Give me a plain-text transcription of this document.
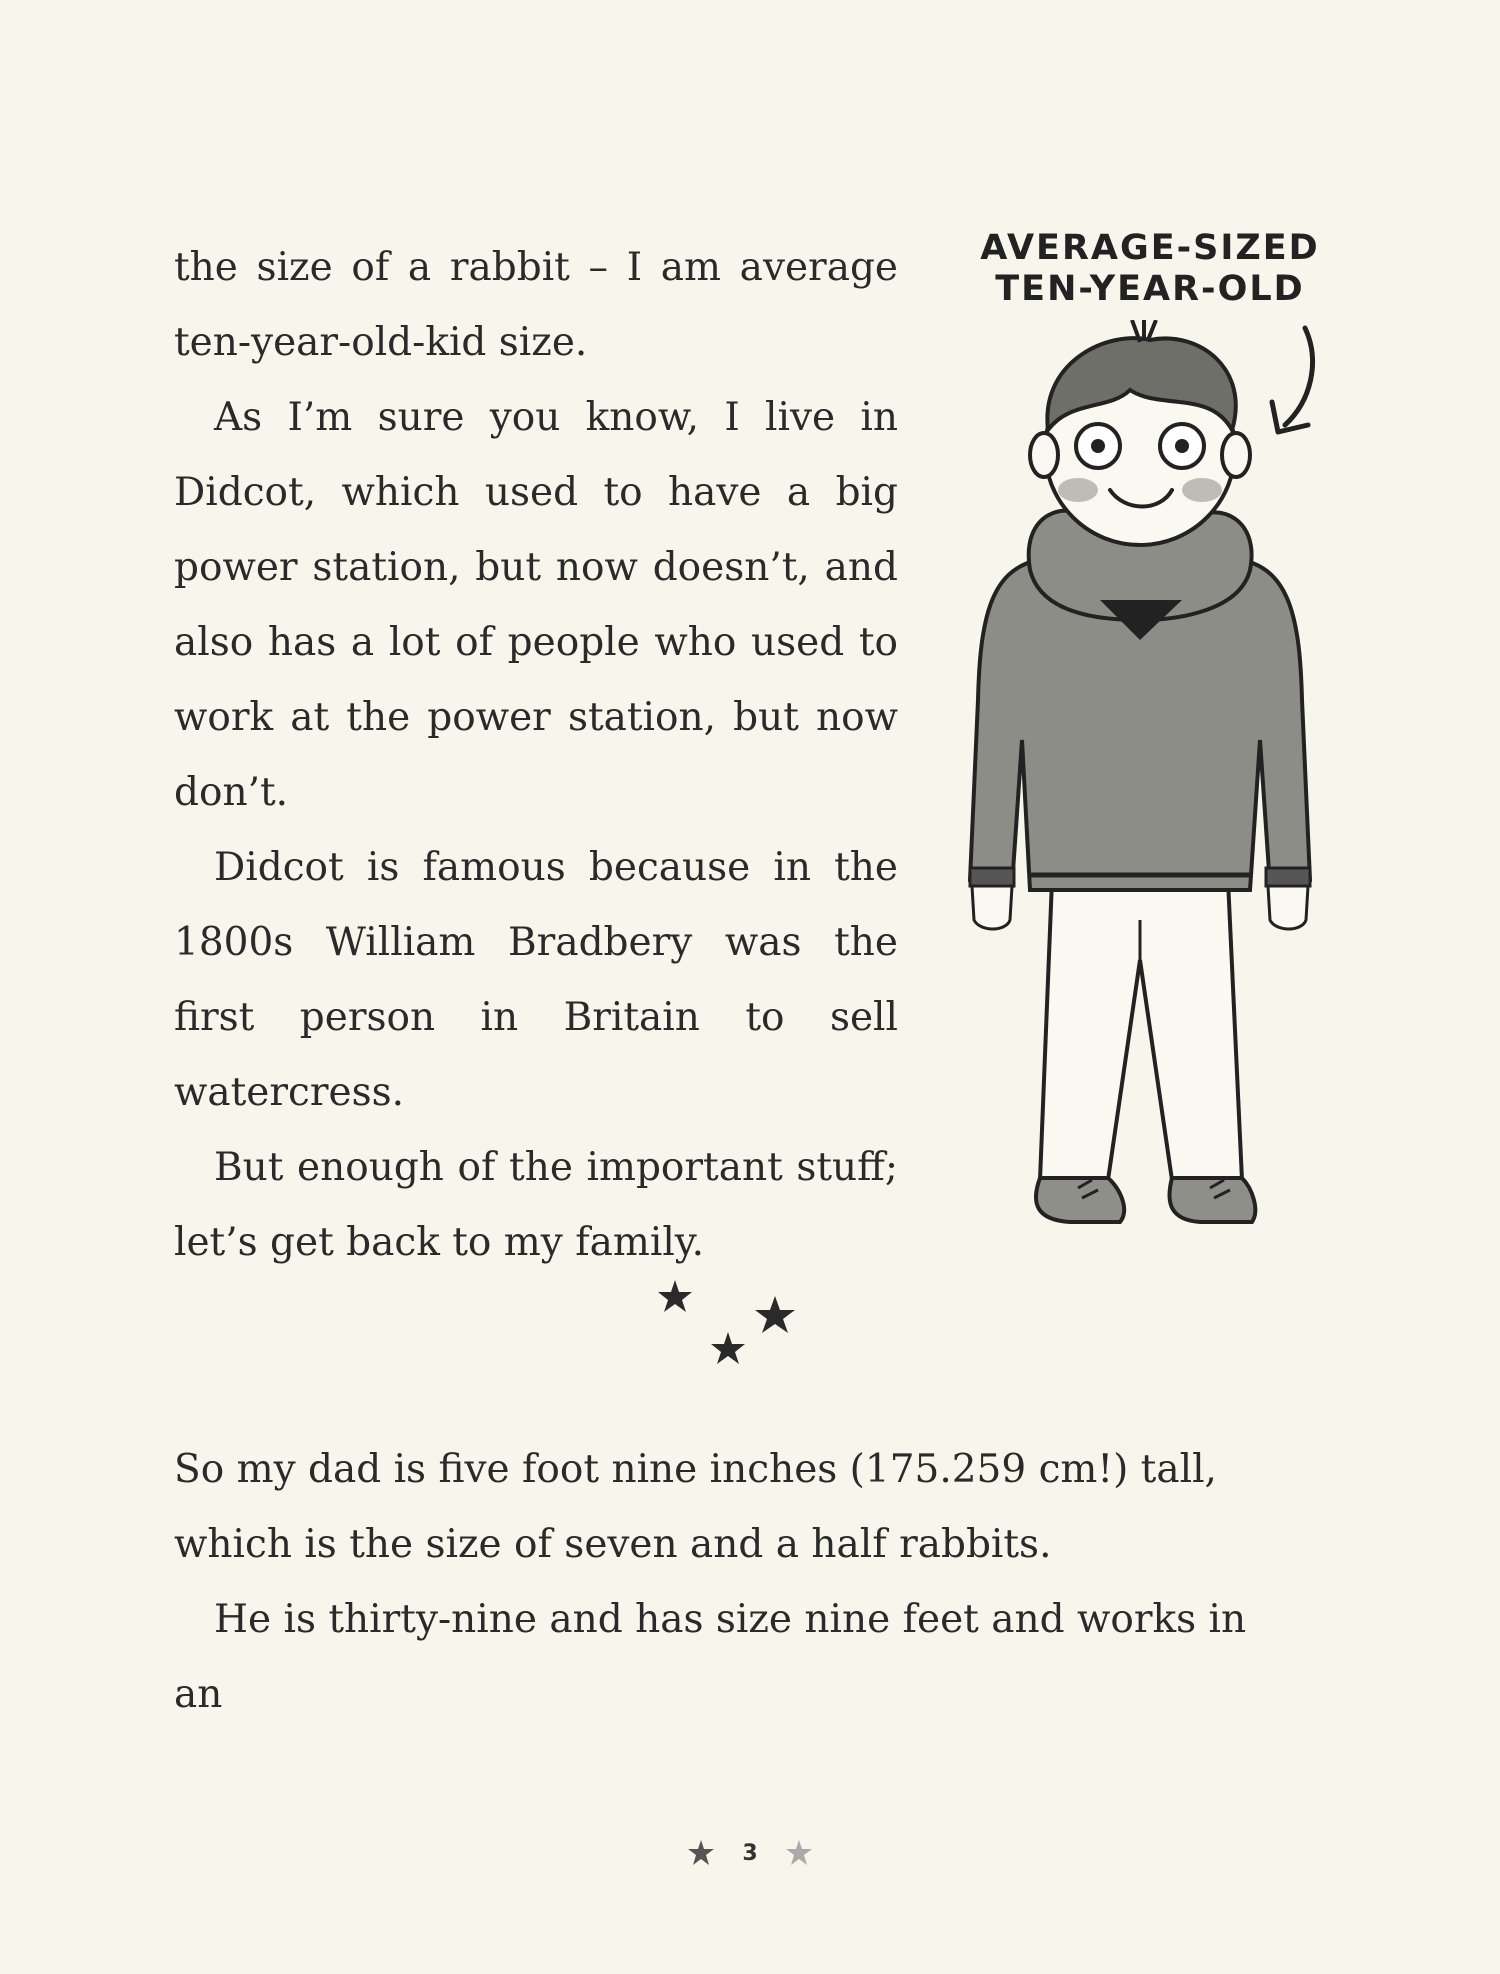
the size of a rabbit – I am average ten-year-old-kid size.

As I’m sure you know, I live in Didcot, which used to have a big power station, but now doesn’t, and also has a lot of people who used to work at the power station, but now don’t.

Didcot is famous because in the 1800s William Bradbery was the first person in Britain to sell watercress.

But enough of the important stuff; let’s get back to my family.

AVERAGE-SIZED
TEN-YEAR-OLD

So my dad is five foot nine inches (175.259 cm!) tall, which is the size of seven and a half rabbits.

He is thirty-nine and has size nine feet and works in an

3
